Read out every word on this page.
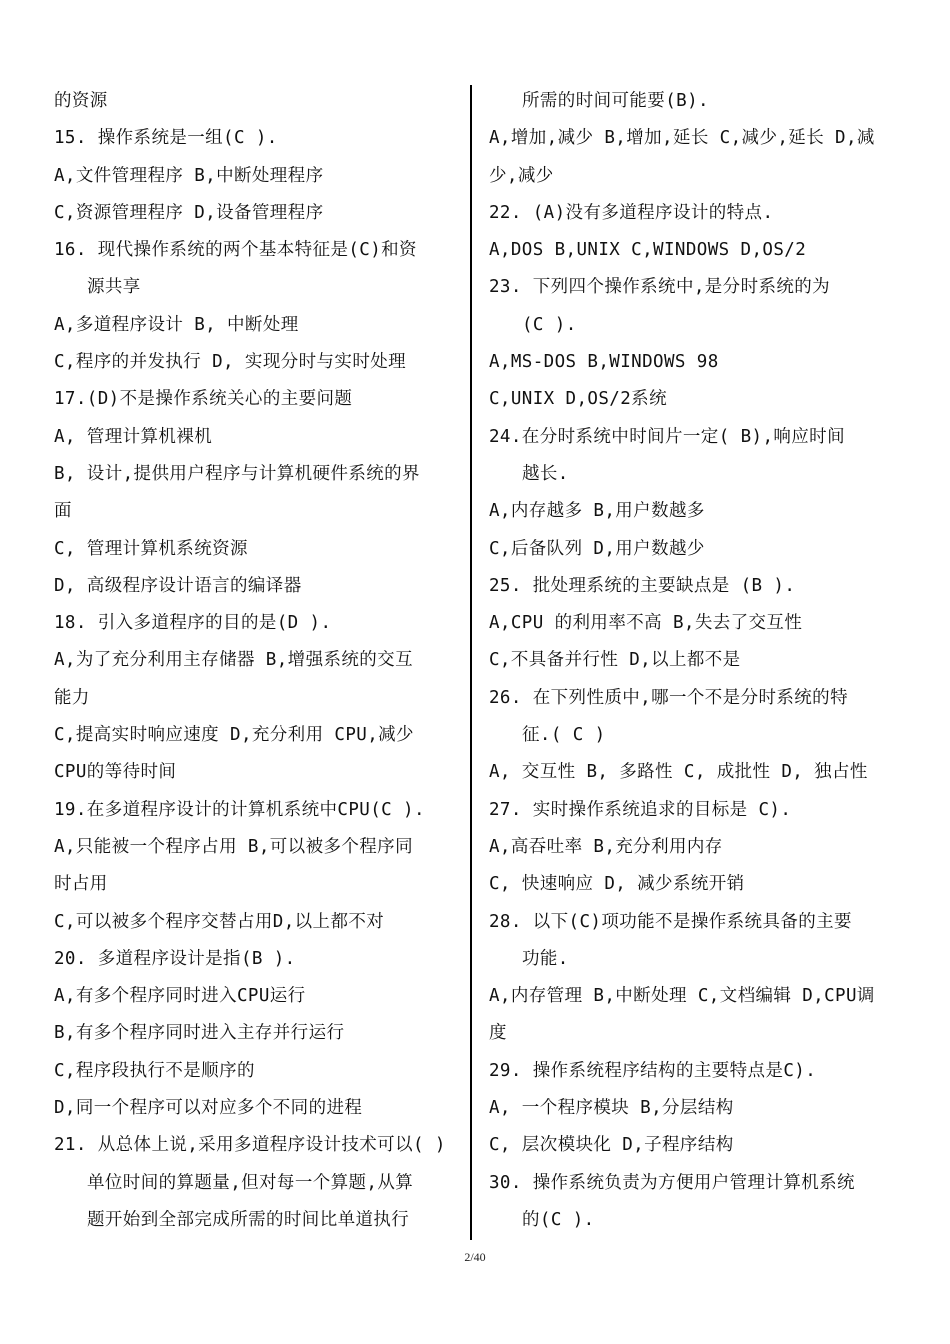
的资源
15. 操作系统是一组(C ).
A,文件管理程序 B,中断处理程序
C,资源管理程序 D,设备管理程序
16. 现代操作系统的两个基本特征是(C)和资
源共享
A,多道程序设计 B, 中断处理
C,程序的并发执行 D, 实现分时与实时处理
17.(D)不是操作系统关心的主要问题
A, 管理计算机裸机
B, 设计,提供用户程序与计算机硬件系统的界
面
C, 管理计算机系统资源
D, 高级程序设计语言的编译器
18. 引入多道程序的目的是(D ).
A,为了充分利用主存储器 B,增强系统的交互
能力
C,提高实时响应速度 D,充分利用 CPU,减少
CPU的等待时间
19.在多道程序设计的计算机系统中CPU(C ).
A,只能被一个程序占用 B,可以被多个程序同
时占用
C,可以被多个程序交替占用D,以上都不对
20. 多道程序设计是指(B ).
A,有多个程序同时进入CPU运行
B,有多个程序同时进入主存并行运行
C,程序段执行不是顺序的
D,同一个程序可以对应多个不同的进程
21. 从总体上说,采用多道程序设计技术可以( )
单位时间的算题量,但对每一个算题,从算
题开始到全部完成所需的时间比单道执行
所需的时间可能要(B).
A,增加,减少 B,增加,延长 C,减少,延长 D,减
少,减少
22. (A)没有多道程序设计的特点.
A,DOS B,UNIX C,WINDOWS D,OS/2
23. 下列四个操作系统中,是分时系统的为
(C ).
A,MS-DOS B,WINDOWS 98
C,UNIX D,OS/2系统
24.在分时系统中时间片一定( B),响应时间
越长.
A,内存越多 B,用户数越多
C,后备队列 D,用户数越少
25. 批处理系统的主要缺点是 (B ).
A,CPU 的利用率不高 B,失去了交互性
C,不具备并行性 D,以上都不是
26. 在下列性质中,哪一个不是分时系统的特
征.( C )
A, 交互性 B, 多路性 C, 成批性 D, 独占性
27. 实时操作系统追求的目标是 C).
A,高吞吐率 B,充分利用内存
C, 快速响应 D, 减少系统开销
28. 以下(C)项功能不是操作系统具备的主要
功能.
A,内存管理 B,中断处理 C,文档编辑 D,CPU调
度
29. 操作系统程序结构的主要特点是C).
A, 一个程序模块 B,分层结构
C, 层次模块化 D,子程序结构
30. 操作系统负责为方便用户管理计算机系统
的(C ).
2/40
